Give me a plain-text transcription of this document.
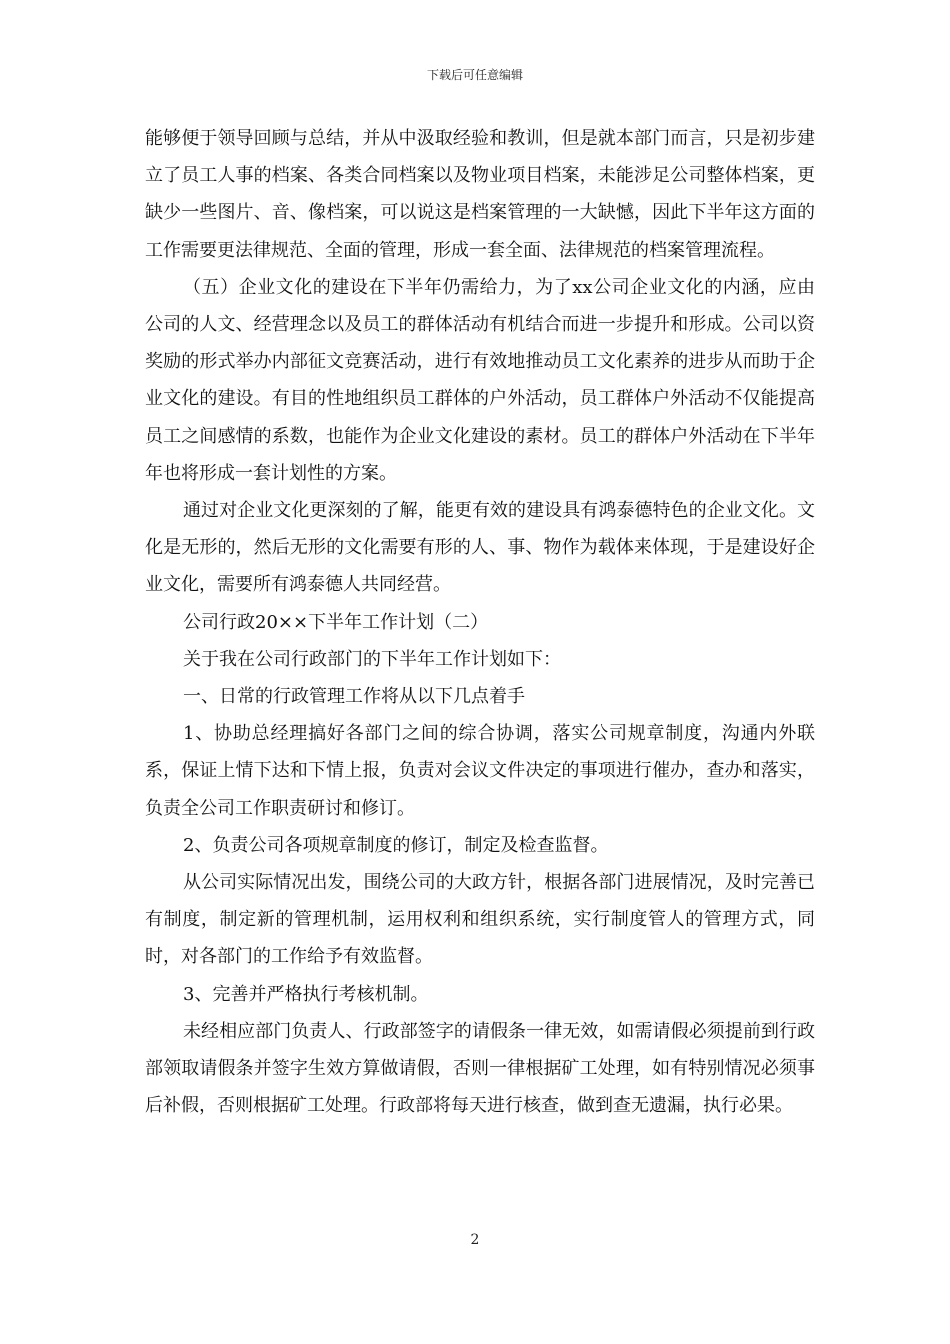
下载后可任意编辑

能够便于领导回顾与总结，并从中汲取经验和教训，但是就本部门而言，只是初步建立了员工人事的档案、各类合同档案以及物业项目档案，未能涉足公司整体档案，更缺少一些图片、音、像档案，可以说这是档案管理的一大缺憾，因此下半年这方面的工作需要更法律规范、全面的管理，形成一套全面、法律规范的档案管理流程。

（五）企业文化的建设在下半年仍需给力，为了xx公司企业文化的内涵，应由公司的人文、经营理念以及员工的群体活动有机结合而进一步提升和形成。公司以资奖励的形式举办内部征文竞赛活动，进行有效地推动员工文化素养的进步从而助于企业文化的建设。有目的性地组织员工群体的户外活动，员工群体户外活动不仅能提高员工之间感情的系数，也能作为企业文化建设的素材。员工的群体户外活动在下半年年也将形成一套计划性的方案。

通过对企业文化更深刻的了解，能更有效的建设具有鸿泰德特色的企业文化。文化是无形的，然后无形的文化需要有形的人、事、物作为载体来体现，于是建设好企业文化，需要所有鸿泰德人共同经营。

公司行政20××下半年工作计划（二）

关于我在公司行政部门的下半年工作计划如下：

一、日常的行政管理工作将从以下几点着手

1、协助总经理搞好各部门之间的综合协调，落实公司规章制度，沟通内外联系，保证上情下达和下情上报，负责对会议文件决定的事项进行催办，查办和落实，负责全公司工作职责研讨和修订。

2、负责公司各项规章制度的修订，制定及检查监督。

从公司实际情况出发，围绕公司的大政方针，根据各部门进展情况，及时完善已有制度，制定新的管理机制，运用权利和组织系统，实行制度管人的管理方式，同时，对各部门的工作给予有效监督。

3、完善并严格执行考核机制。

未经相应部门负责人、行政部签字的请假条一律无效，如需请假必须提前到行政部领取请假条并签字生效方算做请假，否则一律根据矿工处理，如有特别情况必须事后补假，否则根据矿工处理。行政部将每天进行核查，做到查无遗漏，执行必果。

2
